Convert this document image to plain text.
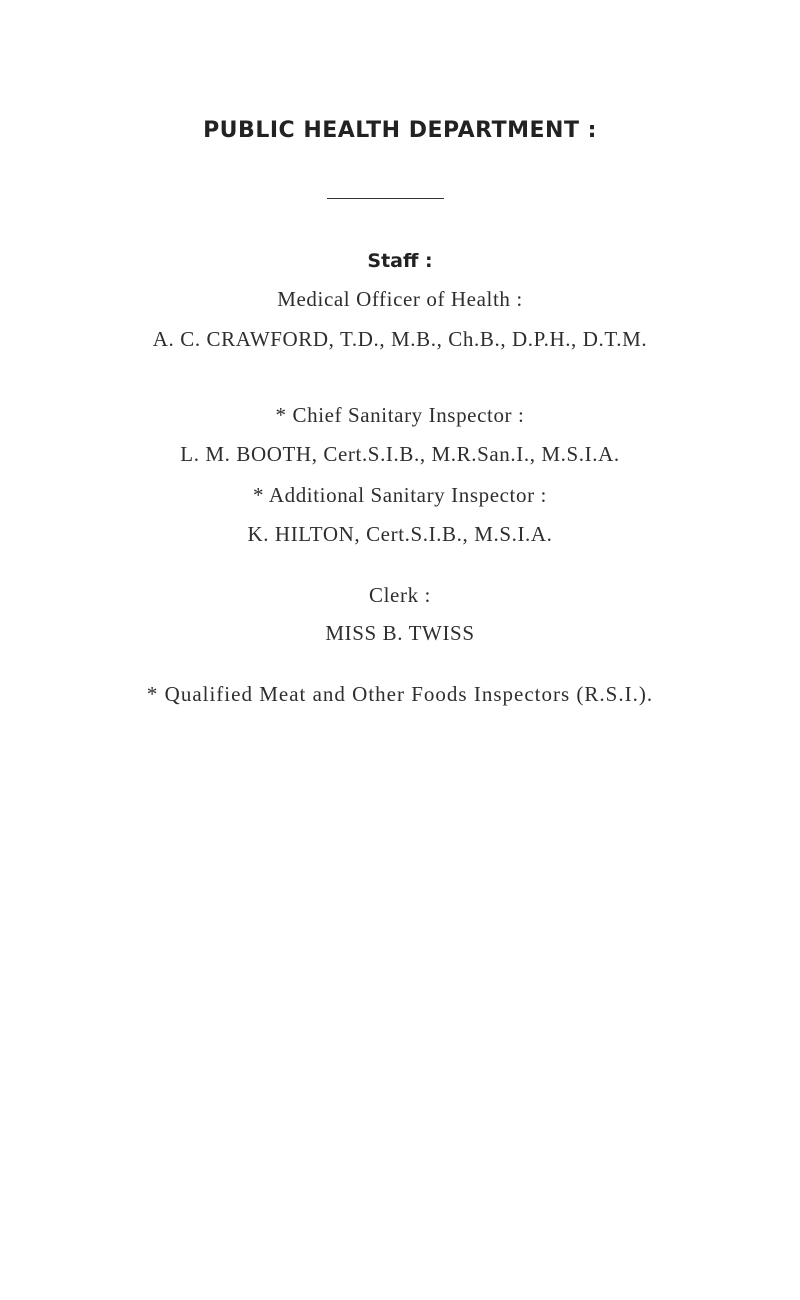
PUBLIC HEALTH DEPARTMENT :
Staff :
Medical Officer of Health :
A. C. CRAWFORD, T.D., M.B., Ch.B., D.P.H., D.T.M.
* Chief Sanitary Inspector :
L. M. BOOTH, Cert.S.I.B., M.R.San.I., M.S.I.A.
* Additional Sanitary Inspector :
K. HILTON, Cert.S.I.B., M.S.I.A.
Clerk :
MISS B. TWISS
* Qualified Meat and Other Foods Inspectors (R.S.I.).
